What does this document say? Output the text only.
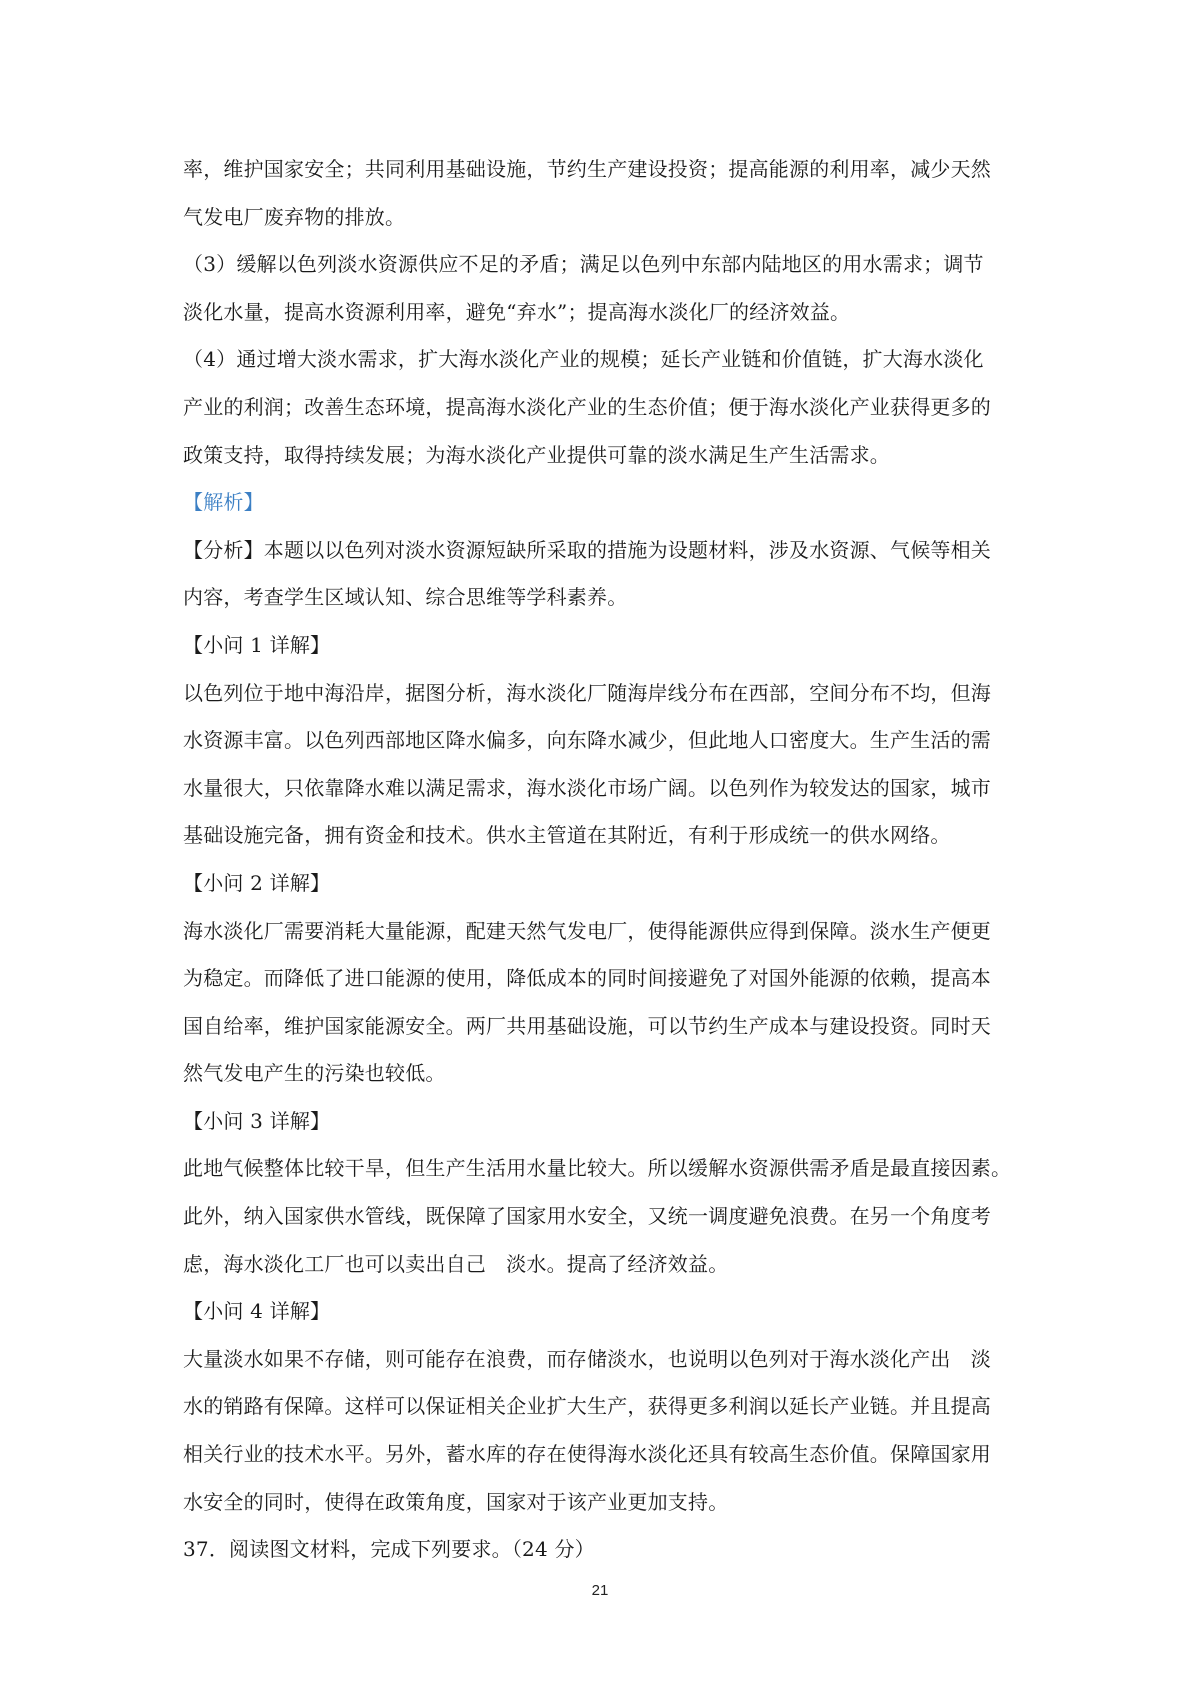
率，维护国家安全；共同利用基础设施，节约生产建设投资；提高能源的利用率，减少天然
气发电厂废弃物的排放。
（3）缓解以色列淡水资源供应不足的矛盾；满足以色列中东部内陆地区的用水需求；调节
淡化水量，提高水资源利用率，避免“弃水”；提高海水淡化厂的经济效益。
（4）通过增大淡水需求，扩大海水淡化产业的规模；延长产业链和价值链，扩大海水淡化
产业的利润；改善生态环境，提高海水淡化产业的生态价值；便于海水淡化产业获得更多的
政策支持，取得持续发展；为海水淡化产业提供可靠的淡水满足生产生活需求。
【解析】
【分析】本题以以色列对淡水资源短缺所采取的措施为设题材料，涉及水资源、气候等相关
内容，考查学生区域认知、综合思维等学科素养。
【小问 1 详解】
以色列位于地中海沿岸，据图分析，海水淡化厂随海岸线分布在西部，空间分布不均，但海
水资源丰富。以色列西部地区降水偏多，向东降水减少，但此地人口密度大。生产生活的需
水量很大，只依靠降水难以满足需求，海水淡化市场广阔。以色列作为较发达的国家，城市
基础设施完备，拥有资金和技术。供水主管道在其附近，有利于形成统一的供水网络。
【小问 2 详解】
海水淡化厂需要消耗大量能源，配建天然气发电厂，使得能源供应得到保障。淡水生产便更
为稳定。而降低了进口能源的使用，降低成本的同时间接避免了对国外能源的依赖，提高本
国自给率，维护国家能源安全。两厂共用基础设施，可以节约生产成本与建设投资。同时天
然气发电产生的污染也较低。
【小问 3 详解】
此地气候整体比较干旱，但生产生活用水量比较大。所以缓解水资源供需矛盾是最直接因素。
此外，纳入国家供水管线，既保障了国家用水安全，又统一调度避免浪费。在另一个角度考
虑，海水淡化工厂也可以卖出自己　淡水。提高了经济效益。
【小问 4 详解】
大量淡水如果不存储，则可能存在浪费，而存储淡水，也说明以色列对于海水淡化产出　淡
水的销路有保障。这样可以保证相关企业扩大生产，获得更多利润以延长产业链。并且提高
相关行业的技术水平。另外，蓄水库的存在使得海水淡化还具有较高生态价值。保障国家用
水安全的同时，使得在政策角度，国家对于该产业更加支持。
37．阅读图文材料，完成下列要求。（24 分）
21
